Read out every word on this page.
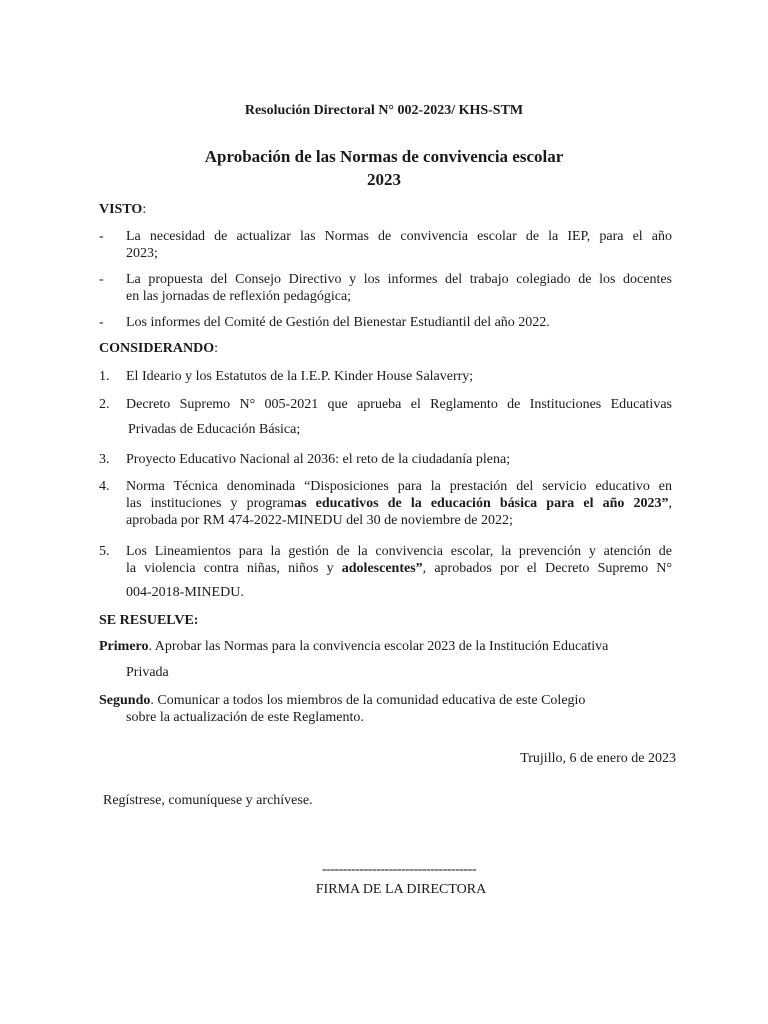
Resolución Directoral N° 002-2023/ KHS-STM
Aprobación de las Normas de convivencia escolar
2023
VISTO:
-	La necesidad de actualizar las Normas de convivencia escolar de la IEP, para el año
2023;
-	La propuesta del Consejo Directivo y los informes del trabajo colegiado de los docentes
en las jornadas de reflexión pedagógica;
-	Los informes del Comité de Gestión del Bienestar Estudiantil del año 2022.
CONSIDERANDO:
1.	El Ideario y los Estatutos de la I.E.P. Kinder House Salaverry;
2.	Decreto Supremo N° 005-2021 que aprueba el Reglamento de Instituciones Educativas
Privadas de Educación Básica;
3.	Proyecto Educativo Nacional al 2036: el reto de la ciudadanía plena;
4.	Norma Técnica denominada “Disposiciones para la prestación del servicio educativo en
las instituciones y programas educativos de la educación básica para el año 2023”,
aprobada por RM 474-2022-MINEDU del 30 de noviembre de 2022;
5.	Los Lineamientos para la gestión de la convivencia escolar, la prevención y atención de
la violencia contra niñas, niños y adolescentes”, aprobados por el Decreto Supremo N°
004-2018-MINEDU.
SE RESUELVE:
Primero. Aprobar las Normas para la convivencia escolar 2023 de la Institución Educativa
Privada
Segundo. Comunicar a todos los miembros de la comunidad educativa de este Colegio
sobre la actualización de este Reglamento.
Trujillo, 6 de enero de 2023
Regístrese, comuníquese y archívese.
-------------------------------------
FIRMA DE LA DIRECTORA
